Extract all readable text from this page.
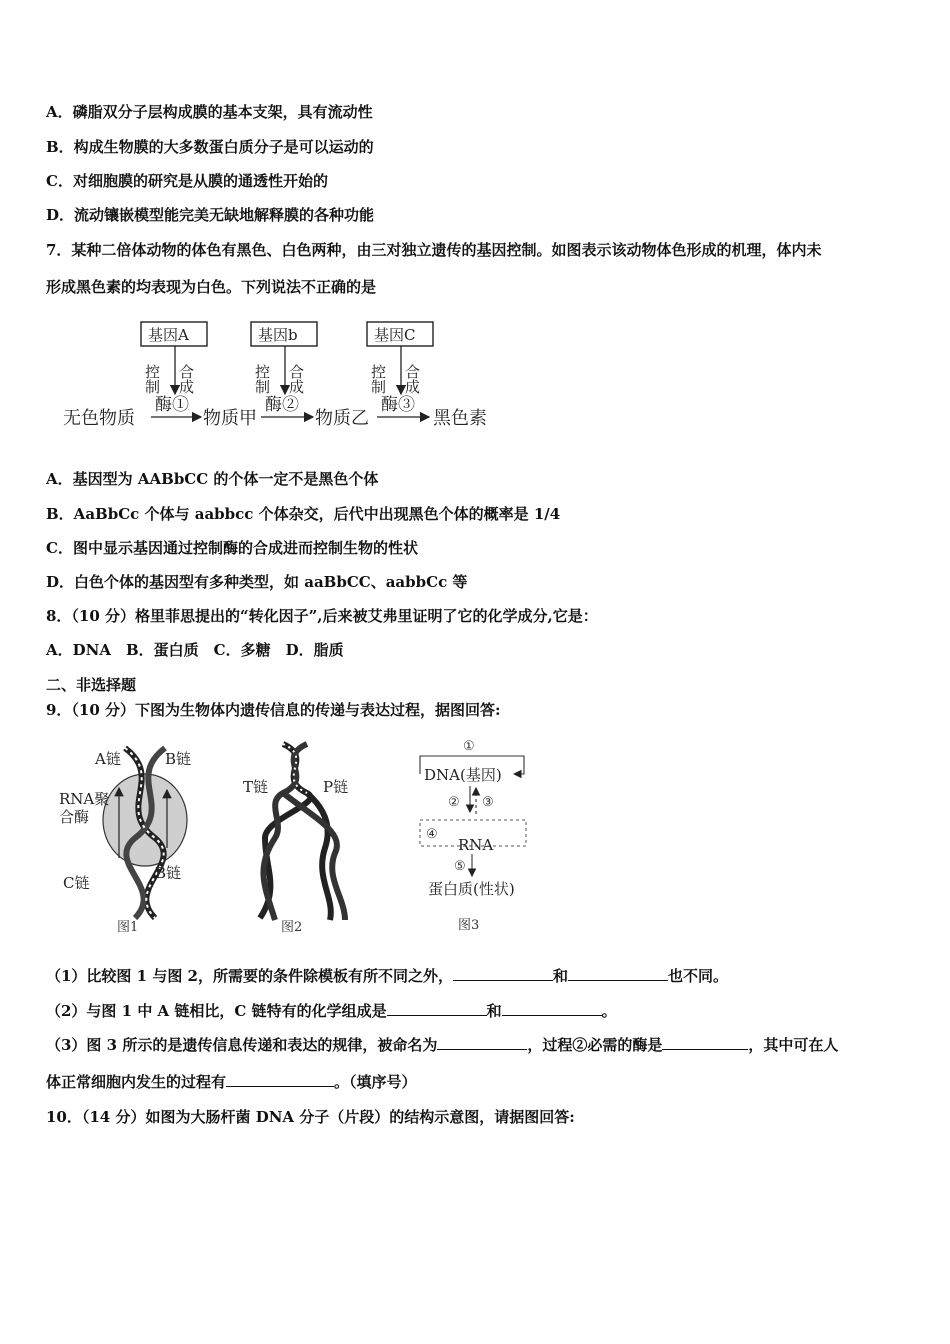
A．磷脂双分子层构成膜的基本支架，具有流动性
B．构成生物膜的大多数蛋白质分子是可以运动的
C．对细胞膜的研究是从膜的通透性开始的
D．流动镶嵌模型能完美无缺地解释膜的各种功能
7．某种二倍体动物的体色有黑色、白色两种，由三对独立遗传的基因控制。如图表示该动物体色形成的机理，体内未
形成黑色素的均表现为白色。下列说法不正确的是
基因A	基因b	基因C
控制 合成	控制 合成	控制 合成
酶①	酶②	酶③
无色物质	物质甲	物质乙	黑色素
A．基因型为 AABbCC 的个体一定不是黑色个体
B．AaBbCc 个体与 aabbcc 个体杂交，后代中出现黑色个体的概率是 1/4
C．图中显示基因通过控制酶的合成进而控制生物的性状
D．白色个体的基因型有多种类型，如 aaBbCC、aabbCc 等
8．（10 分）格里菲思提出的“转化因子”,后来被艾弗里证明了它的化学成分,它是：
A．DNA　B．蛋白质　C．多糖　D．脂质
二、非选择题
9．（10 分）下图为生物体内遗传信息的传递与表达过程，据图回答:
A链	B链
RNA聚
合酶
C链
B链
图1
T链	P链
图2
①
DNA(基因)
② ③
④
RNA
⑤
蛋白质(性状)
图3
（1）比较图 1 与图 2，所需要的条件除模板有所不同之外，	和	也不同。
（2）与图 1 中 A 链相比，C 链特有的化学组成是	和	。
（3）图 3 所示的是遗传信息传递和表达的规律，被命名为	，过程②必需的酶是	，其中可在人
体正常细胞内发生的过程有	。（填序号）
10．（14 分）如图为大肠杆菌 DNA 分子（片段）的结构示意图，请据图回答:
